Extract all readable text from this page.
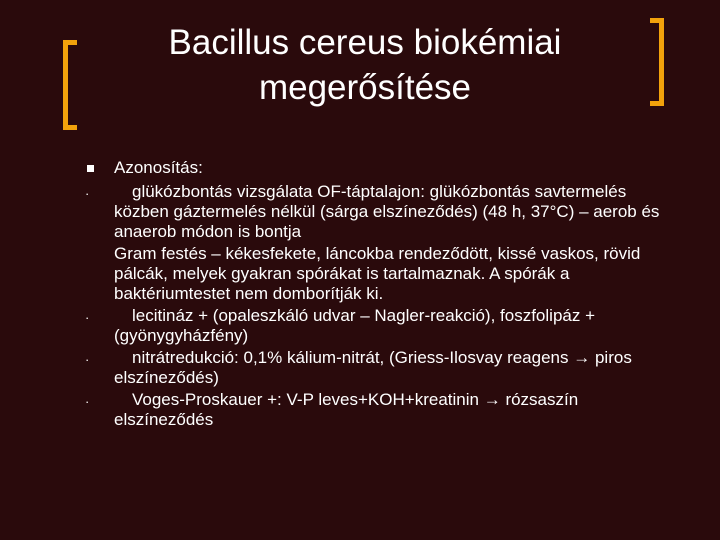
Bacillus cereus biokémiai
megerősítése
Azonosítás:
·	glükózbontás vizsgálata OF-táptalajon: glükózbontás savtermelés közben gáztermelés nélkül (sárga elszíneződés) (48 h, 37°C) – aerob és anaerob módon is bontja
Gram festés – kékesfekete, láncokba rendeződött, kissé vaskos, rövid pálcák, melyek gyakran spórákat is tartalmaznak. A spórák a baktériumtestet nem domborítják ki.
·	lecitináz + (opaleszkáló udvar – Nagler-reakció), foszfolipáz + (gyönygyházfény)
·	nitrátredukció: 0,1% kálium-nitrát, (Griess-Ilosvay reagens → piros elszíneződés)
·	Voges-Proskauer +: V-P leves+KOH+kreatinin → rózsaszín elszíneződés
